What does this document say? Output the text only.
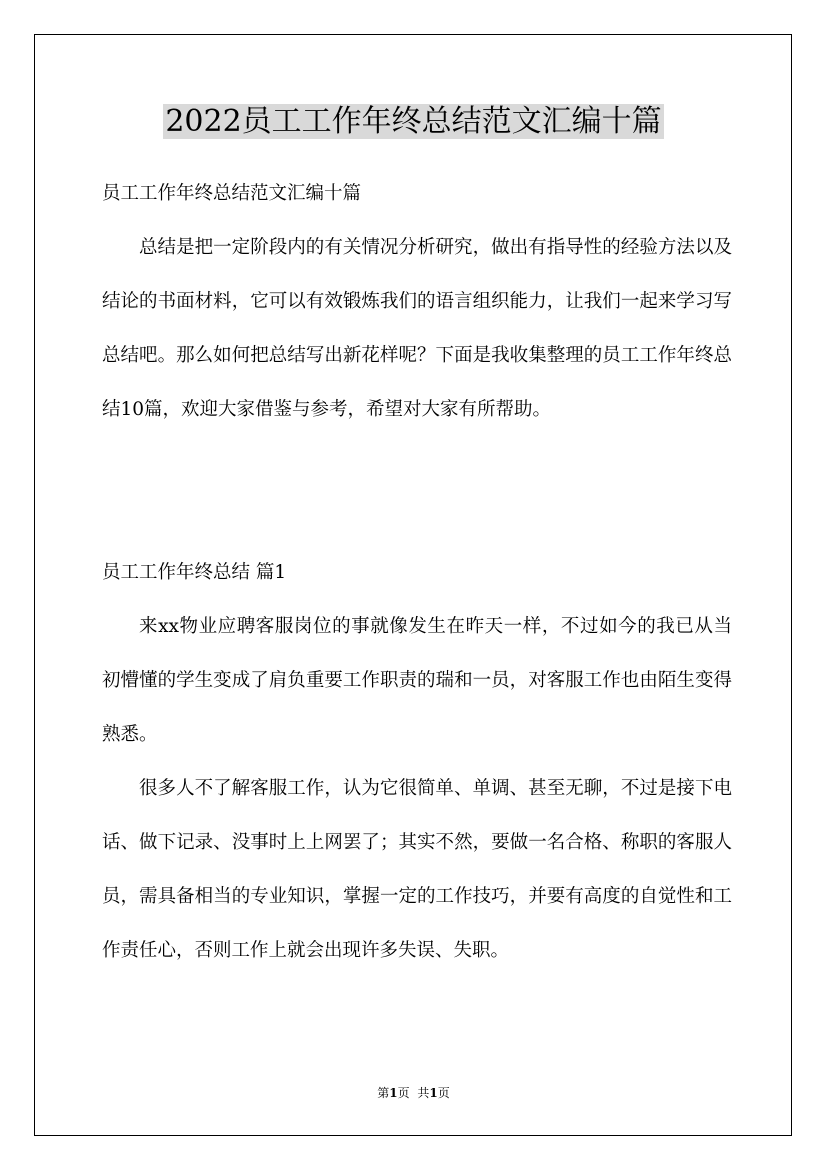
2022员工工作年终总结范文汇编十篇

员工工作年终总结范文汇编十篇

总结是把一定阶段内的有关情况分析研究，做出有指导性的经验方法以及结论的书面材料，它可以有效锻炼我们的语言组织能力，让我们一起来学习写总结吧。那么如何把总结写出新花样呢？下面是我收集整理的员工工作年终总结10篇，欢迎大家借鉴与参考，希望对大家有所帮助。

员工工作年终总结 篇1

来xx物业应聘客服岗位的事就像发生在昨天一样，不过如今的我已从当初懵懂的学生变成了肩负重要工作职责的瑞和一员，对客服工作也由陌生变得熟悉。

很多人不了解客服工作，认为它很简单、单调、甚至无聊，不过是接下电话、做下记录、没事时上上网罢了；其实不然，要做一名合格、称职的客服人员，需具备相当的专业知识，掌握一定的工作技巧，并要有高度的自觉性和工作责任心，否则工作上就会出现许多失误、失职。

第1页 共1页
